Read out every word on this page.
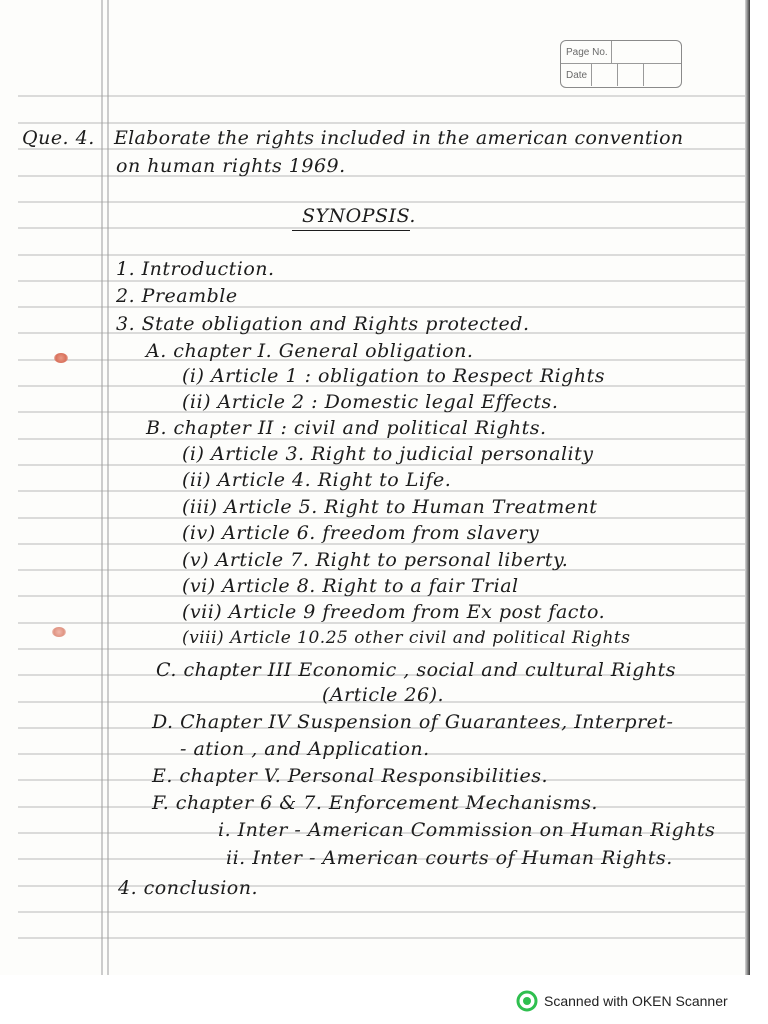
Page No.
Date
Que. 4. Elaborate the rights included in the american convention
on human rights 1969.
SYNOPSIS.
1. Introduction.
2. Preamble
3. State obligation and Rights protected.
A. chapter I. General obligation.
(i) Article 1 : obligation to Respect Rights
(ii) Article 2 : Domestic legal Effects.
B. chapter II : civil and political Rights.
(i) Article 3. Right to judicial personality
(ii) Article 4. Right to Life.
(iii) Article 5. Right to Human Treatment
(iv) Article 6. freedom from slavery
(v) Article 7. Right to personal liberty.
(vi) Article 8. Right to a fair Trial
(vii) Article 9 freedom from Ex post facto.
(viii) Article 10.25 other civil and political Rights
C. chapter III Economic , social and cultural Rights
(Article 26).
D. Chapter IV Suspension of Guarantees, Interpret-
- ation , and Application.
E. chapter V. Personal Responsibilities.
F. chapter 6 & 7. Enforcement Mechanisms.
i. Inter - American Commission on Human Rights
ii. Inter - American courts of Human Rights.
4. conclusion.
Scanned with OKEN Scanner
